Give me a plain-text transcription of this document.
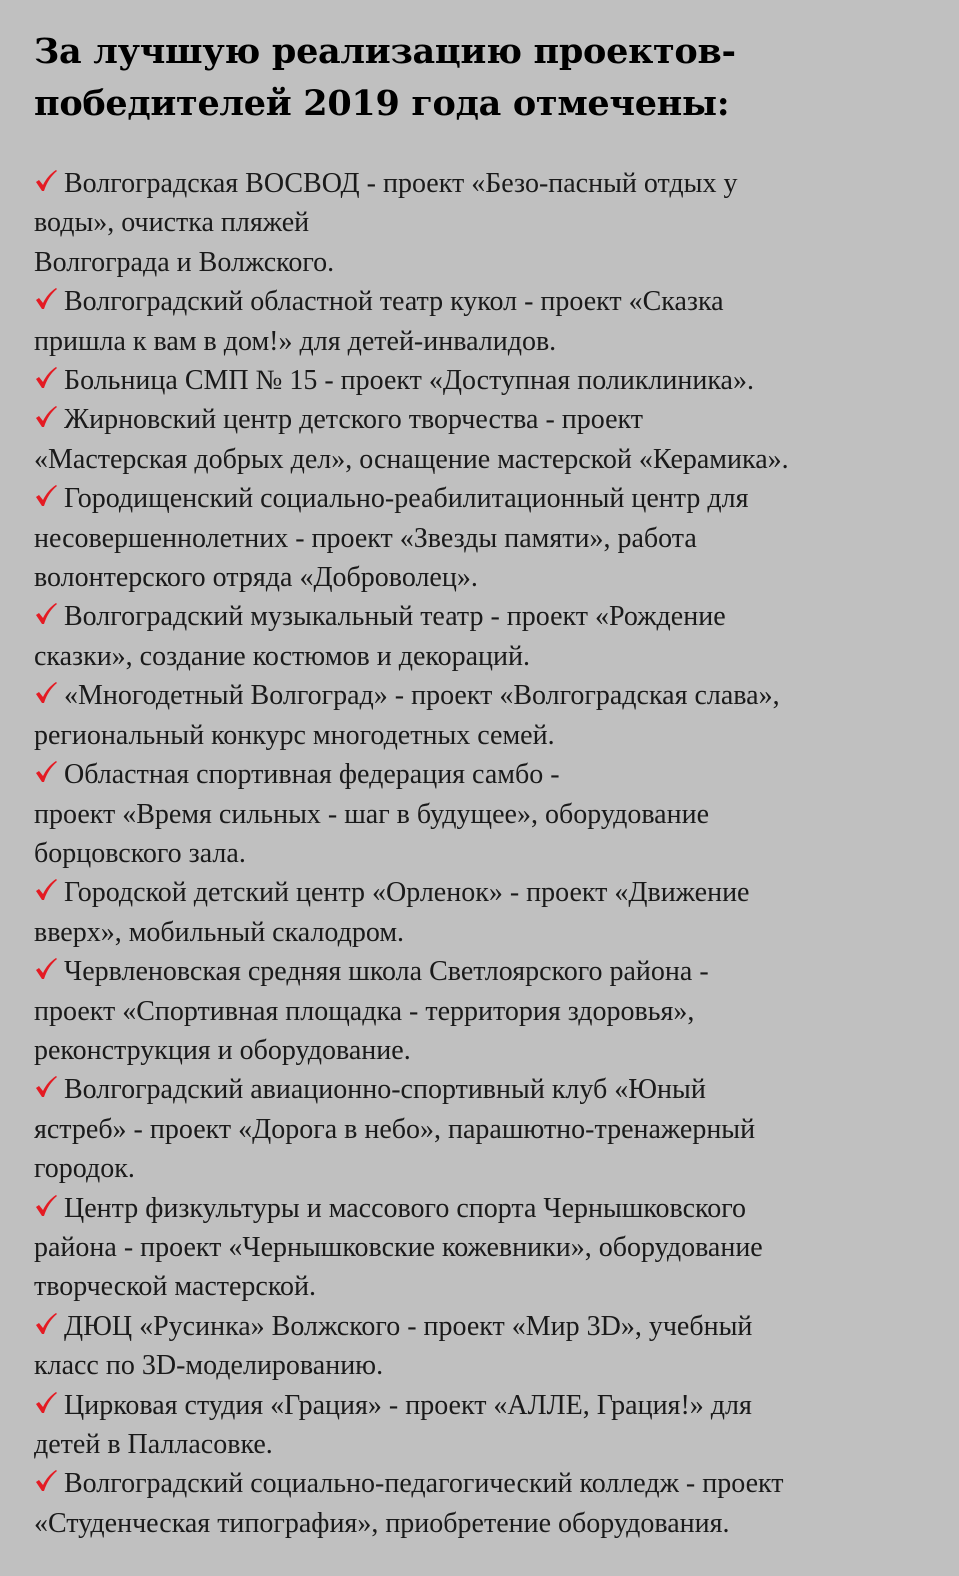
За лучшую реализацию проектов-
победителей 2019 года отмечены:
Волгоградская ВОСВОД - проект «Безо-пасный отдых у
воды», очистка пляжей
Волгограда и Волжского.
Волгоградский областной театр кукол - проект «Сказка
пришла к вам в дом!» для детей-инвалидов.
Больница СМП № 15 - проект «Доступная поликлиника».
Жирновский центр детского творчества - проект
«Мастерская добрых дел», оснащение мастерской «Керамика».
Городищенский социально-реабилитационный центр для
несовершеннолетних - проект «Звезды памяти», работа
волонтерского отряда «Доброволец».
Волгоградский музыкальный театр - проект «Рождение
сказки», создание костюмов и декораций.
«Многодетный Волгоград» - проект «Волгоградская слава»,
региональный конкурс многодетных семей.
Областная спортивная федерация самбо -
проект «Время сильных - шаг в будущее», оборудование
борцовского зала.
Городской детский центр «Орленок» - проект «Движение
вверх», мобильный скалодром.
Червленовская средняя школа Светлоярского района -
проект «Спортивная площадка - территория здоровья»,
реконструкция и оборудование.
Волгоградский авиационно-спортивный клуб «Юный
ястреб» - проект «Дорога в небо», парашютно-тренажерный
городок.
Центр физкультуры и массового спорта Чернышковского
района - проект «Чернышковские кожевники», оборудование
творческой мастерской.
ДЮЦ «Русинка» Волжского - проект «Мир 3D», учебный
класс по 3D-моделированию.
Цирковая студия «Грация» - проект «АЛЛЕ, Грация!» для
детей в Палласовке.
Волгоградский социально-педагогический колледж - проект
«Студенческая типография», приобретение оборудования.
